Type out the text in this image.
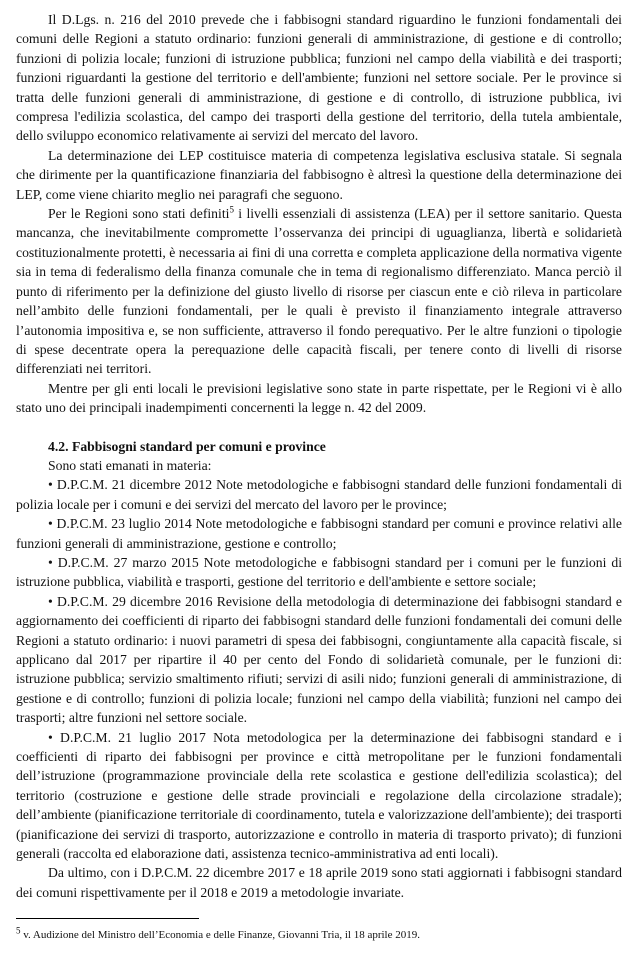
Il D.Lgs. n. 216 del 2010 prevede che i fabbisogni standard riguardino le funzioni fondamentali dei comuni delle Regioni a statuto ordinario: funzioni generali di amministrazione, di gestione e di controllo; funzioni di polizia locale; funzioni di istruzione pubblica; funzioni nel campo della viabilità e dei trasporti; funzioni riguardanti la gestione del territorio e dell'ambiente; funzioni nel settore sociale. Per le province si tratta delle funzioni generali di amministrazione, di gestione e di controllo, di istruzione pubblica, ivi compresa l'edilizia scolastica, del campo dei trasporti della gestione del territorio, della tutela ambientale, dello sviluppo economico relativamente ai servizi del mercato del lavoro.

La determinazione dei LEP costituisce materia di competenza legislativa esclusiva statale. Si segnala che dirimente per la quantificazione finanziaria del fabbisogno è altresì la questione della determinazione dei LEP, come viene chiarito meglio nei paragrafi che seguono.

Per le Regioni sono stati definiti$^5$ i livelli essenziali di assistenza (LEA) per il settore sanitario. Questa mancanza, che inevitabilmente compromette l’osservanza dei principi di uguaglianza, libertà e solidarietà costituzionalmente protetti, è necessaria ai fini di una corretta e completa applicazione della normativa vigente sia in tema di federalismo della finanza comunale che in tema di regionalismo differenziato. Manca perciò il punto di riferimento per la definizione del giusto livello di risorse per ciascun ente e ciò rileva in particolare nell’ambito delle funzioni fondamentali, per le quali è previsto il finanziamento integrale attraverso l’autonomia impositiva e, se non sufficiente, attraverso il fondo perequativo. Per le altre funzioni o tipologie di spese decentrate opera la perequazione delle capacità fiscali, per tenere conto di livelli di risorse differenziati nei territori.

Mentre per gli enti locali le previsioni legislative sono state in parte rispettate, per le Regioni vi è allo stato uno dei principali inadempimenti concernenti la legge n. 42 del 2009.

4.2. Fabbisogni standard per comuni e province

Sono stati emanati in materia:

• D.P.C.M. 21 dicembre 2012 Note metodologiche e fabbisogni standard delle funzioni fondamentali di polizia locale per i comuni e dei servizi del mercato del lavoro per le province;

• D.P.C.M. 23 luglio 2014 Note metodologiche e fabbisogni standard per comuni e province relativi alle funzioni generali di amministrazione, gestione e controllo;

• D.P.C.M. 27 marzo 2015 Note metodologiche e fabbisogni standard per i comuni per le funzioni di istruzione pubblica, viabilità e trasporti, gestione del territorio e dell'ambiente e settore sociale;

• D.P.C.M. 29 dicembre 2016 Revisione della metodologia di determinazione dei fabbisogni standard e aggiornamento dei coefficienti di riparto dei fabbisogni standard delle funzioni fondamentali dei comuni delle Regioni a statuto ordinario: i nuovi parametri di spesa dei fabbisogni, congiuntamente alla capacità fiscale, si applicano dal 2017 per ripartire il 40 per cento del Fondo di solidarietà comunale, per le funzioni di: istruzione pubblica; servizio smaltimento rifiuti; servizi di asili nido; funzioni generali di amministrazione, di gestione e di controllo; funzioni di polizia locale; funzioni nel campo della viabilità; funzioni nel campo dei trasporti; altre funzioni nel settore sociale.

• D.P.C.M. 21 luglio 2017 Nota metodologica per la determinazione dei fabbisogni standard e i coefficienti di riparto dei fabbisogni per province e città metropolitane per le funzioni fondamentali dell’istruzione (programmazione provinciale della rete scolastica e gestione dell'edilizia scolastica); del territorio (costruzione e gestione delle strade provinciali e regolazione della circolazione stradale); dell’ambiente (pianificazione territoriale di coordinamento, tutela e valorizzazione dell'ambiente); dei trasporti (pianificazione dei servizi di trasporto, autorizzazione e controllo in materia di trasporto privato); di funzioni generali (raccolta ed elaborazione dati, assistenza tecnico-amministrativa ad enti locali).

Da ultimo, con i D.P.C.M. 22 dicembre 2017 e 18 aprile 2019 sono stati aggiornati i fabbisogni standard dei comuni rispettivamente per il 2018 e 2019 a metodologie invariate.

$^5$ v. Audizione del Ministro dell’Economia e delle Finanze, Giovanni Tria, il 18 aprile 2019.
